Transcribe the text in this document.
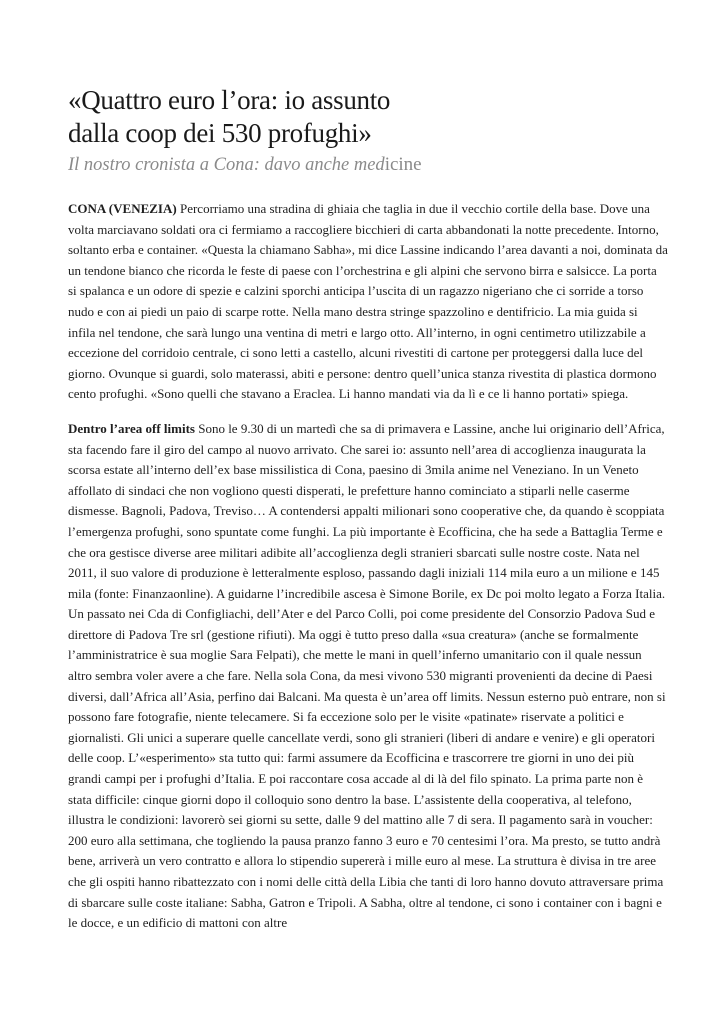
«Quattro euro l’ora: io assunto
dalla coop dei 530 profughi»
Il nostro cronista a Cona: davo anche medicine

CONA (VENEZIA) Percorriamo una stradina di ghiaia che taglia in due il vecchio cortile della base. Dove una volta marciavano soldati ora ci fermiamo a raccogliere bicchieri di carta abbandonati la notte precedente. Intorno, soltanto erba e container. «Questa la chiamano Sabha», mi dice Lassine indicando l’area davanti a noi, dominata da un tendone bianco che ricorda le feste di paese con l’orchestrina e gli alpini che servono birra e salsicce. La porta si spalanca e un odore di spezie e calzini sporchi anticipa l’uscita di un ragazzo nigeriano che ci sorride a torso nudo e con ai piedi un paio di scarpe rotte. Nella mano destra stringe spazzolino e dentifricio. La mia guida si infila nel tendone, che sarà lungo una ventina di metri e largo otto. All’interno, in ogni centimetro utilizzabile a eccezione del corridoio centrale, ci sono letti a castello, alcuni rivestiti di cartone per proteggersi dalla luce del giorno. Ovunque si guardi, solo materassi, abiti e persone: dentro quell’unica stanza rivestita di plastica dormono cento profughi. «Sono quelli che stavano a Eraclea. Li hanno mandati via da lì e ce li hanno portati» spiega.

Dentro l’area off limits Sono le 9.30 di un martedì che sa di primavera e Lassine, anche lui originario dell’Africa, sta facendo fare il giro del campo al nuovo arrivato. Che sarei io: assunto nell’area di accoglienza inaugurata la scorsa estate all’interno dell’ex base missilistica di Cona, paesino di 3mila anime nel Veneziano. In un Veneto affollato di sindaci che non vogliono questi disperati, le prefetture hanno cominciato a stiparli nelle caserme dismesse. Bagnoli, Padova, Treviso… A contendersi appalti milionari sono cooperative che, da quando è scoppiata l’emergenza profughi, sono spuntate come funghi. La più importante è Ecofficina, che ha sede a Battaglia Terme e che ora gestisce diverse aree militari adibite all’accoglienza degli stranieri sbarcati sulle nostre coste. Nata nel 2011, il suo valore di produzione è letteralmente esploso, passando dagli iniziali 114 mila euro a un milione e 145 mila (fonte: Finanzaonline). A guidarne l’incredibile ascesa è Simone Borile, ex Dc poi molto legato a Forza Italia. Un passato nei Cda di Configliachi, dell’Ater e del Parco Colli, poi come presidente del Consorzio Padova Sud e direttore di Padova Tre srl (gestione rifiuti). Ma oggi è tutto preso dalla «sua creatura» (anche se formalmente l’amministratrice è sua moglie Sara Felpati), che mette le mani in quell’inferno umanitario con il quale nessun altro sembra voler avere a che fare. Nella sola Cona, da mesi vivono 530 migranti provenienti da decine di Paesi diversi, dall’Africa all’Asia, perfino dai Balcani. Ma questa è un’area off limits. Nessun esterno può entrare, non si possono fare fotografie, niente telecamere. Si fa eccezione solo per le visite «patinate» riservate a politici e giornalisti. Gli unici a superare quelle cancellate verdi, sono gli stranieri (liberi di andare e venire) e gli operatori delle coop. L’«esperimento» sta tutto qui: farmi assumere da Ecofficina e trascorrere tre giorni in uno dei più grandi campi per i profughi d’Italia. E poi raccontare cosa accade al di là del filo spinato. La prima parte non è stata difficile: cinque giorni dopo il colloquio sono dentro la base. L’assistente della cooperativa, al telefono, illustra le condizioni: lavorerò sei giorni su sette, dalle 9 del mattino alle 7 di sera. Il pagamento sarà in voucher: 200 euro alla settimana, che togliendo la pausa pranzo fanno 3 euro e 70 centesimi l’ora. Ma presto, se tutto andrà bene, arriverà un vero contratto e allora lo stipendio supererà i mille euro al mese. La struttura è divisa in tre aree che gli ospiti hanno ribattezzato con i nomi delle città della Libia che tanti di loro hanno dovuto attraversare prima di sbarcare sulle coste italiane: Sabha, Gatron e Tripoli. A Sabha, oltre al tendone, ci sono i container con i bagni e le docce, e un edificio di mattoni con altre
